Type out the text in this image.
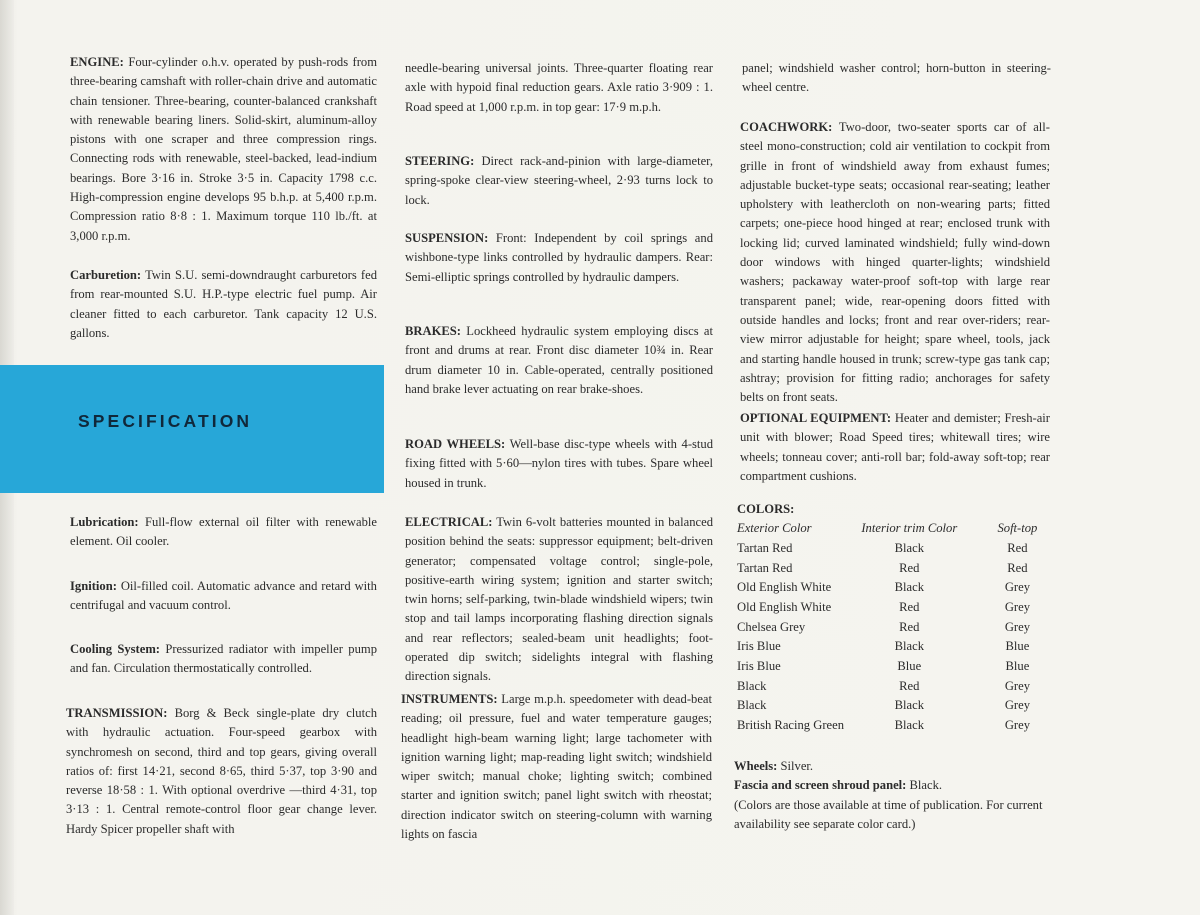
SPECIFICATION

ENGINE: Four-cylinder o.h.v. operated by push-rods from three-bearing camshaft with roller-chain drive and automatic chain tensioner. Three-bearing, counter-balanced crankshaft with renewable bearing liners. Solid-skirt, aluminum-alloy pistons with one scraper and three compression rings. Connecting rods with renewable, steel-backed, lead-indium bearings. Bore 3·16 in. Stroke 3·5 in. Capacity 1798 c.c. High-compression engine develops 95 b.h.p. at 5,400 r.p.m. Compression ratio 8·8 : 1. Maximum torque 110 lb./ft. at 3,000 r.p.m.

Carburetion: Twin S.U. semi-downdraught carburetors fed from rear-mounted S.U. H.P.-type electric fuel pump. Air cleaner fitted to each carburetor. Tank capacity 12 U.S. gallons.

Lubrication: Full-flow external oil filter with renewable element. Oil cooler.

Ignition: Oil-filled coil. Automatic advance and retard with centrifugal and vacuum control.

Cooling System: Pressurized radiator with impeller pump and fan. Circulation thermostatically controlled.

TRANSMISSION: Borg & Beck single-plate dry clutch with hydraulic actuation. Four-speed gearbox with synchromesh on second, third and top gears, giving overall ratios of: first 14·21, second 8·65, third 5·37, top 3·90 and reverse 18·58 : 1. With optional overdrive —third 4·31, top 3·13 : 1. Central remote-control floor gear change lever. Hardy Spicer propeller shaft with

needle-bearing universal joints. Three-quarter floating rear axle with hypoid final reduction gears. Axle ratio 3·909 : 1. Road speed at 1,000 r.p.m. in top gear: 17·9 m.p.h.

STEERING: Direct rack-and-pinion with large-diameter, spring-spoke clear-view steering-wheel, 2·93 turns lock to lock.

SUSPENSION: Front: Independent by coil springs and wishbone-type links controlled by hydraulic dampers. Rear: Semi-elliptic springs controlled by hydraulic dampers.

BRAKES: Lockheed hydraulic system employing discs at front and drums at rear. Front disc diameter 10¾ in. Rear drum diameter 10 in. Cable-operated, centrally positioned hand brake lever actuating on rear brake-shoes.

ROAD WHEELS: Well-base disc-type wheels with 4-stud fixing fitted with 5·60—nylon tires with tubes. Spare wheel housed in trunk.

ELECTRICAL: Twin 6-volt batteries mounted in balanced position behind the seats: suppressor equipment; belt-driven generator; compensated voltage control; single-pole, positive-earth wiring system; ignition and starter switch; twin horns; self-parking, twin-blade windshield wipers; twin stop and tail lamps incorporating flashing direction signals and rear reflectors; sealed-beam unit headlights; foot-operated dip switch; sidelights integral with flashing direction signals.

INSTRUMENTS: Large m.p.h. speedometer with dead-beat reading; oil pressure, fuel and water temperature gauges; headlight high-beam warning light; large tachometer with ignition warning light; map-reading light switch; windshield wiper switch; manual choke; lighting switch; combined starter and ignition switch; panel light switch with rheostat; direction indicator switch on steering-column with warning lights on fascia

panel; windshield washer control; horn-button in steering-wheel centre.

COACHWORK: Two-door, two-seater sports car of all-steel mono-construction; cold air ventilation to cockpit from grille in front of windshield away from exhaust fumes; adjustable bucket-type seats; occasional rear-seating; leather upholstery with leathercloth on non-wearing parts; fitted carpets; one-piece hood hinged at rear; enclosed trunk with locking lid; curved laminated windshield; fully wind-down door windows with hinged quarter-lights; windshield washers; packaway water-proof soft-top with large rear transparent panel; wide, rear-opening doors fitted with outside handles and locks; front and rear over-riders; rear-view mirror adjustable for height; spare wheel, tools, jack and starting handle housed in trunk; screw-type gas tank cap; ashtray; provision for fitting radio; anchorages for safety belts on front seats.

OPTIONAL EQUIPMENT: Heater and demister; Fresh-air unit with blower; Road Speed tires; whitewall tires; wire wheels; tonneau cover; anti-roll bar; fold-away soft-top; rear compartment cushions.

COLORS:

Exterior Color	Interior trim Color	Soft-top
Tartan Red	Black	Red
Tartan Red	Red	Red
Old English White	Black	Grey
Old English White	Red	Grey
Chelsea Grey	Red	Grey
Iris Blue	Black	Blue
Iris Blue	Blue	Blue
Black	Red	Grey
Black	Black	Grey
British Racing Green	Black	Grey

Wheels: Silver.

Fascia and screen shroud panel: Black.

(Colors are those available at time of publication. For current availability see separate color card.)
